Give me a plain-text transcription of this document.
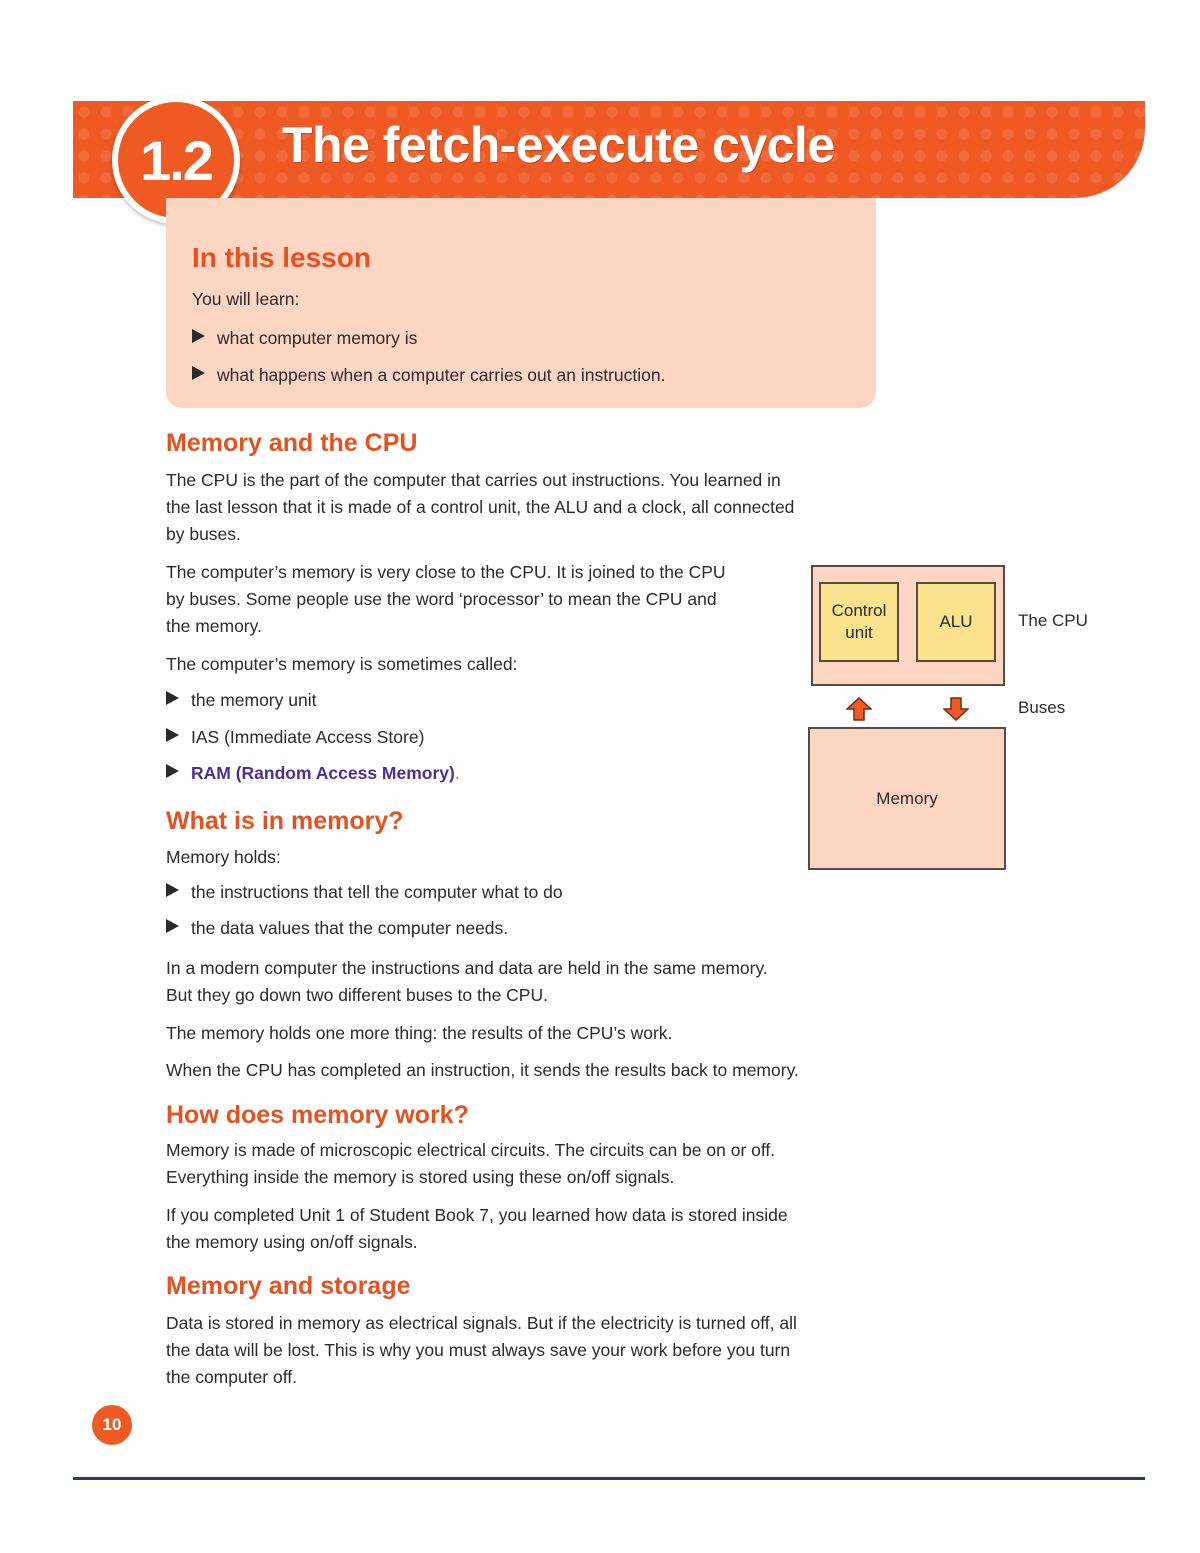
1.2	The fetch-execute cycle
In this lesson

You will learn:

what computer memory is
what happens when a computer carries out an instruction.
Memory and the CPU

The CPU is the part of the computer that carries out instructions. You learned in
the last lesson that it is made of a control unit, the ALU and a clock, all connected
by buses.

The computer’s memory is very close to the CPU. It is joined to the CPU
by buses. Some people use the word ‘processor’ to mean the CPU and
the memory.

The computer’s memory is sometimes called:

the memory unit
IAS (Immediate Access Store)
RAM (Random Access Memory).
What is in memory?

Memory holds:

the instructions that tell the computer what to do
the data values that the computer needs.

In a modern computer the instructions and data are held in the same memory.
But they go down two different buses to the CPU.

The memory holds one more thing: the results of the CPU’s work.

When the CPU has completed an instruction, it sends the results back to memory.

How does memory work?

Memory is made of microscopic electrical circuits. The circuits can be on or off.
Everything inside the memory is stored using these on/off signals.

If you completed Unit 1 of Student Book 7, you learned how data is stored inside
the memory using on/off signals.

Memory and storage

Data is stored in memory as electrical signals. But if the electricity is turned off, all
the data will be lost. This is why you must always save your work before you turn
the computer off.

Control
unit
ALU	The CPU
Buses
Memory
10
